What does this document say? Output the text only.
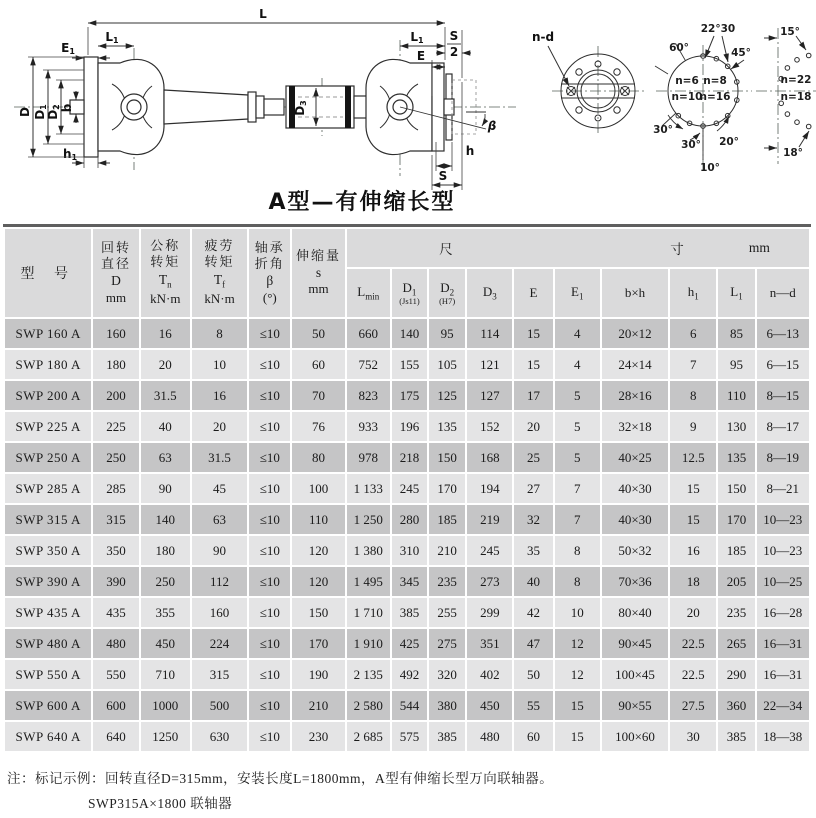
L
L1
E1
h1
D D1
D2 b	D3
L1
E
S
2
β
h
S
n-d
60°
22°30
45°
n=6 n=8
n=10
n=16
30°
30° 20°
10°
15°
n=22
n=18
18°
A型—有伸缩长型
型 号	
回转
直径
D
mm

公称
转矩
$T_n$
kN·m

疲劳
转矩
$T_f$
kN·m

轴承
折角
β
(°)

伸缩量
s
mm

尺	寸	mm

$L_{min}$	
$D_1$
(Js11)

$D_2$
(H7)
	$D_3$	E	$E_1$	b×h	$h_1$	$L_1$	n—d
SWP 160 A	160	16	8	≤10	50	660	140	95	114	15	4	20×12	6	85	6—13
SWP 180 A	180	20	10	≤10	60	752	155	105	121	15	4	24×14	7	95	6—15
SWP 200 A	200	31.5	16	≤10	70	823	175	125	127	17	5	28×16	8	110	8—15
SWP 225 A	225	40	20	≤10	76	933	196	135	152	20	5	32×18	9	130	8—17
SWP 250 A	250	63	31.5	≤10	80	978	218	150	168	25	5	40×25	12.5	135	8—19
SWP 285 A	285	90	45	≤10	100	1 133	245	170	194	27	7	40×30	15	150	8—21
SWP 315 A	315	140	63	≤10	110	1 250	280	185	219	32	7	40×30	15	170	10—23
SWP 350 A	350	180	90	≤10	120	1 380	310	210	245	35	8	50×32	16	185	10—23
SWP 390 A	390	250	112	≤10	120	1 495	345	235	273	40	8	70×36	18	205	10—25
SWP 435 A	435	355	160	≤10	150	1 710	385	255	299	42	10	80×40	20	235	16—28
SWP 480 A	480	450	224	≤10	170	1 910	425	275	351	47	12	90×45	22.5	265	16—31
SWP 550 A	550	710	315	≤10	190	2 135	492	320	402	50	12	100×45	22.5	290	16—31
SWP 600 A	600	1000	500	≤10	210	2 580	544	380	450	55	15	90×55	27.5	360	22—34
SWP 640 A	640	1250	630	≤10	230	2 685	575	385	480	60	15	100×60	30	385	18—38
注：标记示例：回转直径D=315mm，安装长度L=1800mm，A型有伸缩长型万向联轴器。
SWP315A×1800 联轴器
